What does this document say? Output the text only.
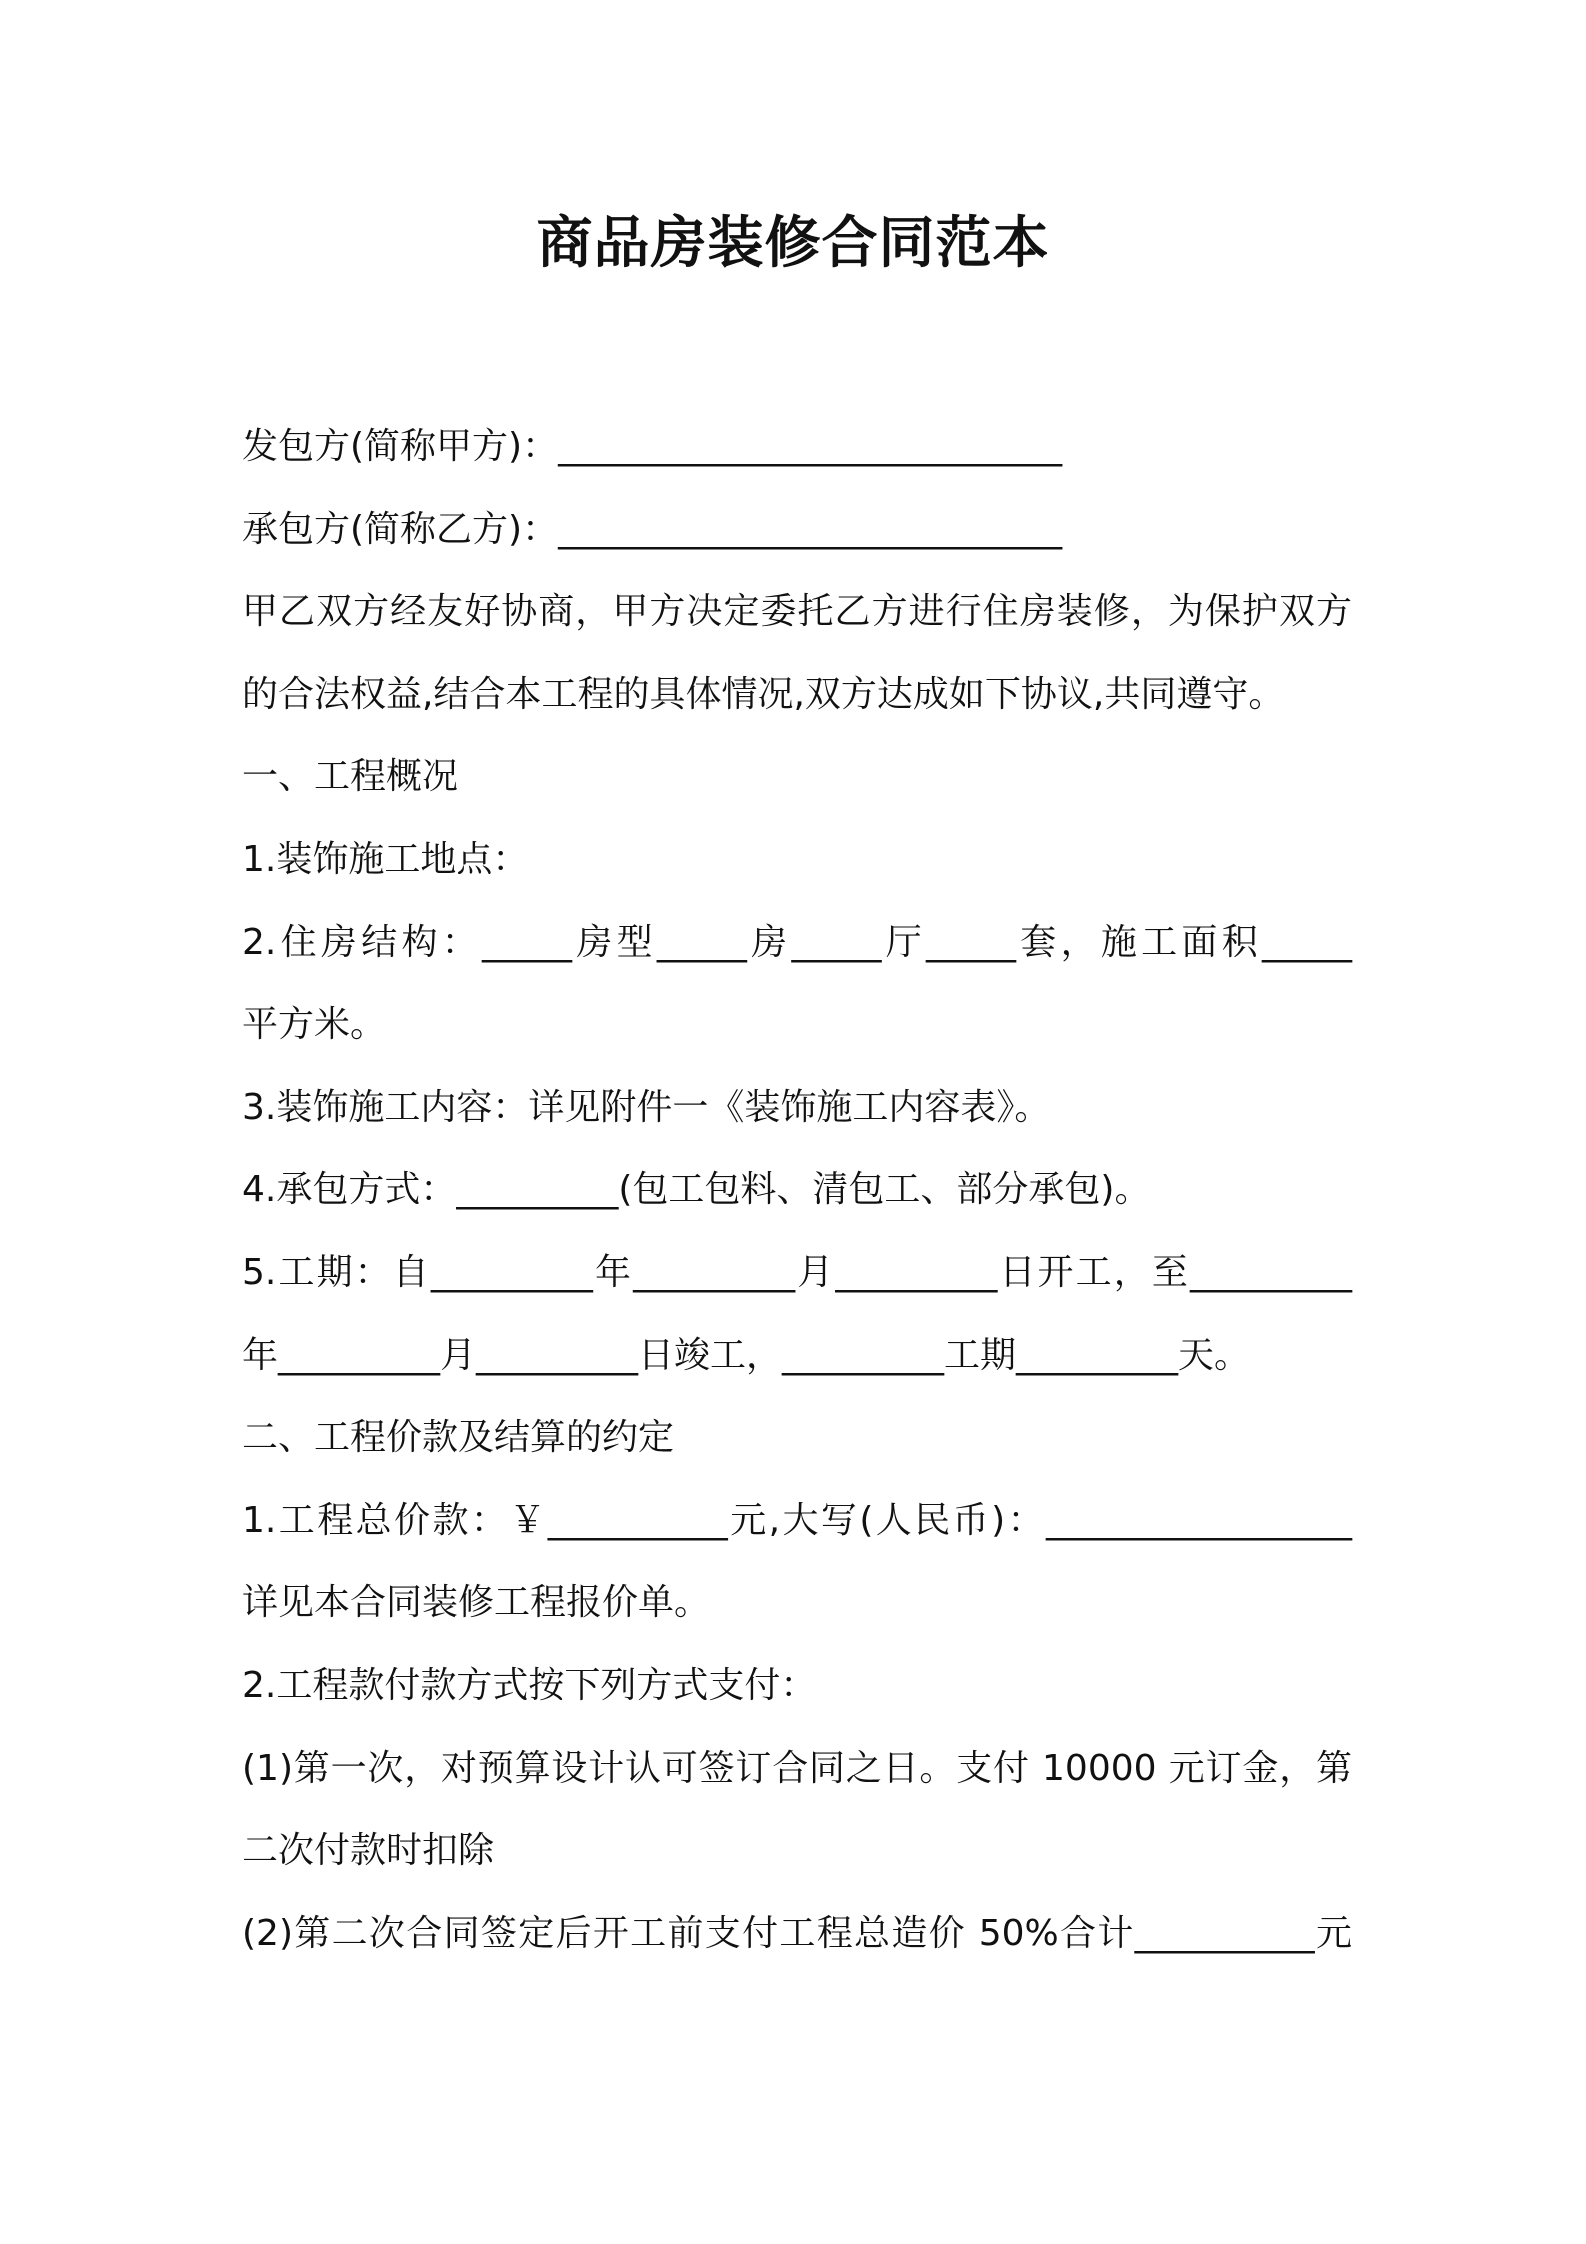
商品房装修合同范本
发包方(简称甲方)：____________________________
承包方(简称乙方)：____________________________
甲乙双方经友好协商，甲方决定委托乙方进行住房装修，为保护双方
的合法权益,结合本工程的具体情况,双方达成如下协议,共同遵守。
一、工程概况
1.装饰施工地点：
2.住房结构：_____房型_____房_____厅_____套，施工面积_____
平方米。
3.装饰施工内容：详见附件一《装饰施工内容表》。
4.承包方式：_________(包工包料、清包工、部分承包)。
5.工期：自_________年_________月_________日开工，至_________
年_________月_________日竣工，_________工期_________天。
二、工程价款及结算的约定
1.工程总价款：￥__________元,大写(人民币)：_________________
详见本合同装修工程报价单。
2.工程款付款方式按下列方式支付：
(1)第一次，对预算设计认可签订合同之日。支付 10000 元订金，第
二次付款时扣除
(2)第二次合同签定后开工前支付工程总造价 50%合计__________元
